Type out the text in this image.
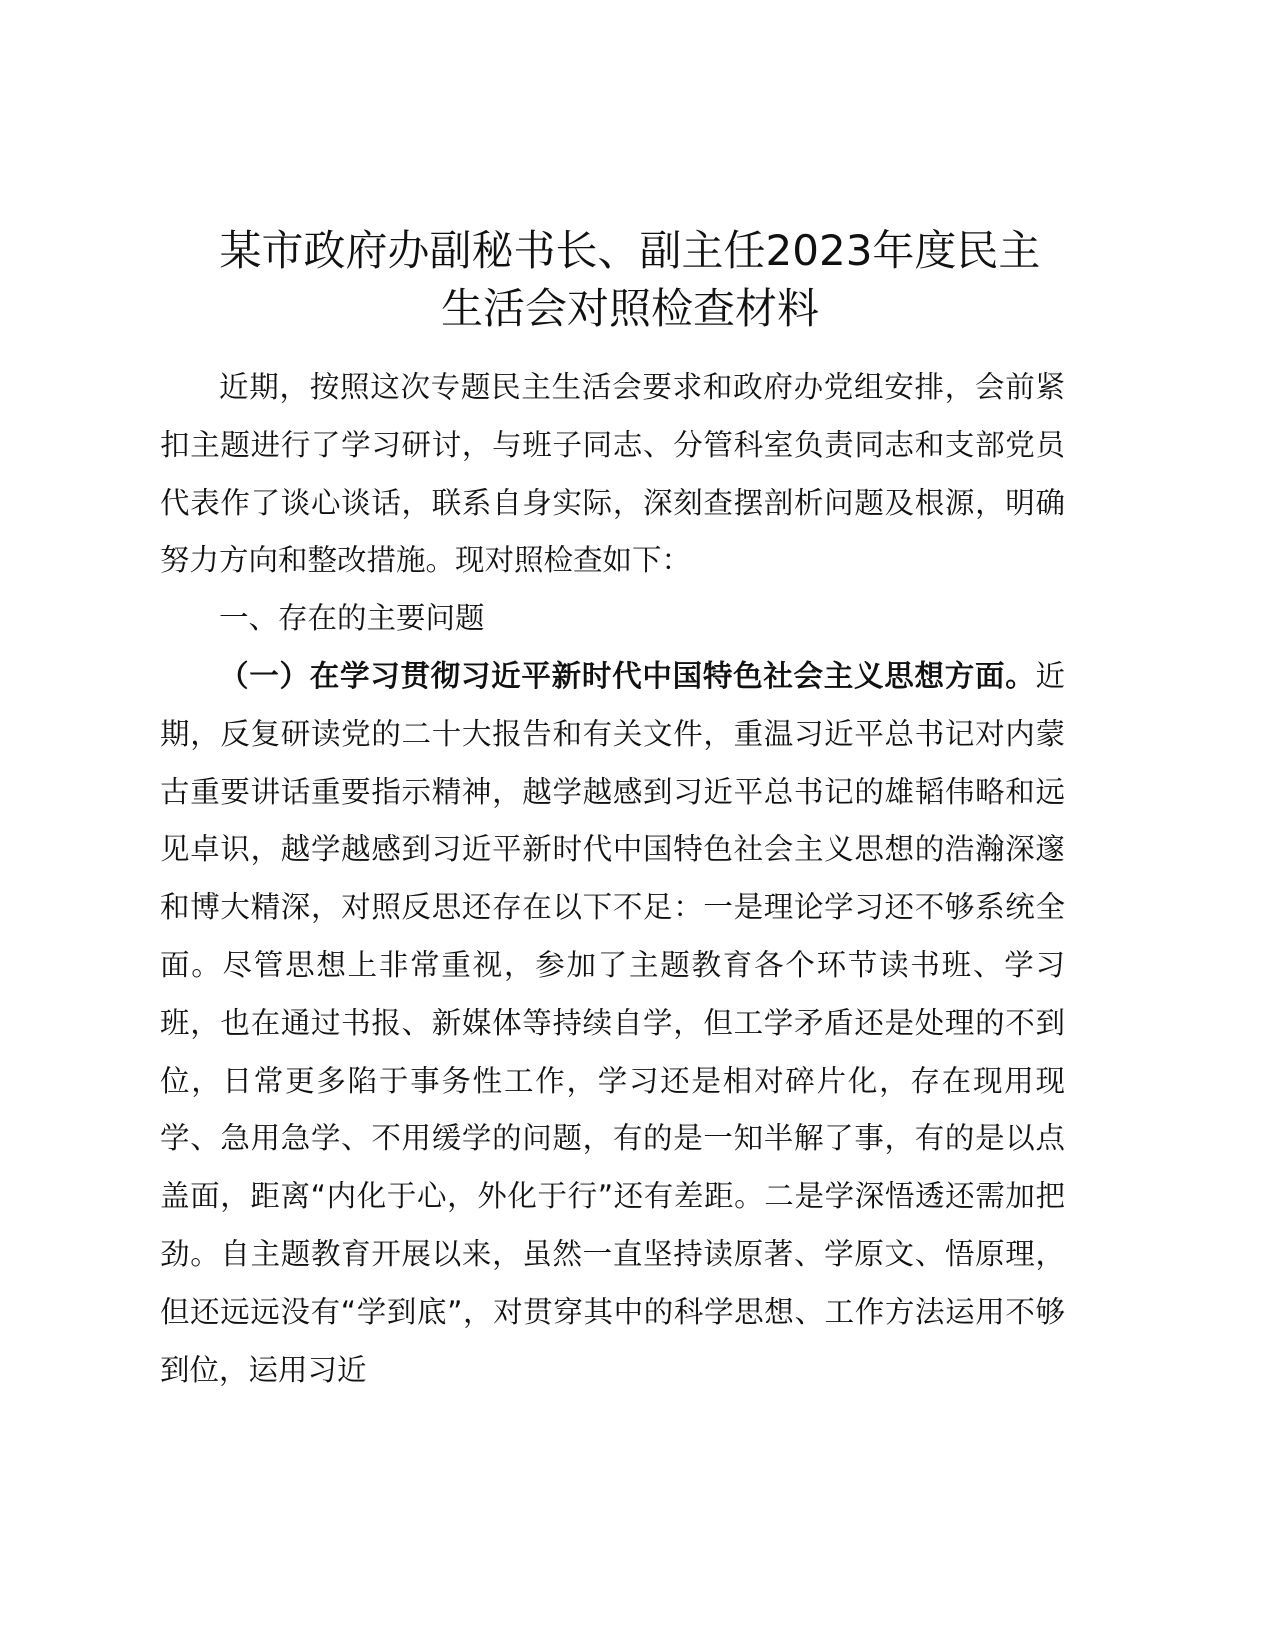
某市政府办副秘书长、副主任2023年度民主
生活会对照检查材料

近期，按照这次专题民主生活会要求和政府办党组安排，会前紧扣主题进行了学习研讨，与班子同志、分管科室负责同志和支部党员代表作了谈心谈话，联系自身实际，深刻查摆剖析问题及根源，明确努力方向和整改措施。现对照检查如下：

一、存在的主要问题

（一）在学习贯彻习近平新时代中国特色社会主义思想方面。近期，反复研读党的二十大报告和有关文件，重温习近平总书记对内蒙古重要讲话重要指示精神，越学越感到习近平总书记的雄韬伟略和远见卓识，越学越感到习近平新时代中国特色社会主义思想的浩瀚深邃和博大精深，对照反思还存在以下不足：一是理论学习还不够系统全面。尽管思想上非常重视，参加了主题教育各个环节读书班、学习班，也在通过书报、新媒体等持续自学，但工学矛盾还是处理的不到位，日常更多陷于事务性工作，学习还是相对碎片化，存在现用现学、急用急学、不用缓学的问题，有的是一知半解了事，有的是以点盖面，距离“内化于心，外化于行”还有差距。二是学深悟透还需加把劲。自主题教育开展以来，虽然一直坚持读原著、学原文、悟原理，但还远远没有“学到底”，对贯穿其中的科学思想、工作方法运用不够到位，运用习近
